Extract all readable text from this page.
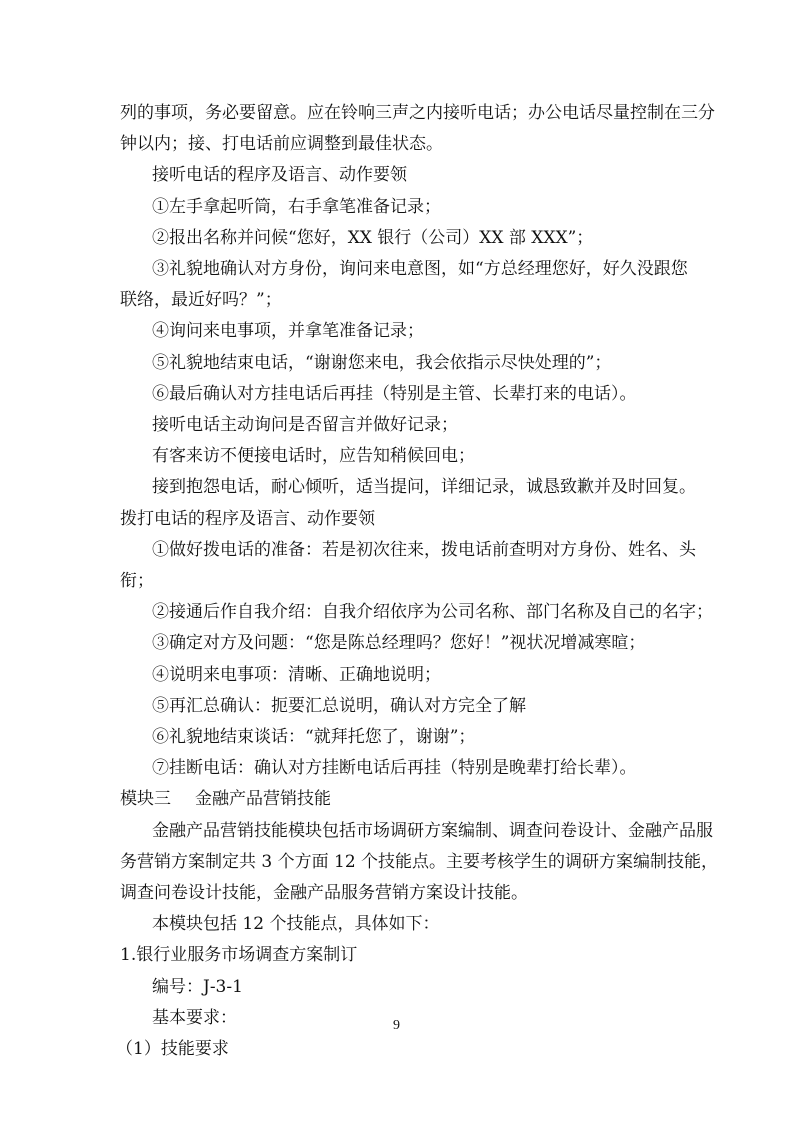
列的事项，务必要留意。应在铃响三声之内接听电话；办公电话尽量控制在三分
钟以内；接、打电话前应调整到最佳状态。
接听电话的程序及语言、动作要领
①左手拿起听筒，右手拿笔准备记录；
②报出名称并问候“您好，XX 银行（公司）XX 部 XXX”；
③礼貌地确认对方身份，询问来电意图，如“方总经理您好，好久没跟您
联络，最近好吗？”；
④询问来电事项，并拿笔准备记录；
⑤礼貌地结束电话，“谢谢您来电，我会依指示尽快处理的”；
⑥最后确认对方挂电话后再挂（特别是主管、长辈打来的电话）。
接听电话主动询问是否留言并做好记录；
有客来访不便接电话时，应告知稍候回电；
接到抱怨电话，耐心倾听，适当提问，详细记录，诚恳致歉并及时回复。
拨打电话的程序及语言、动作要领
①做好拨电话的准备：若是初次往来，拨电话前查明对方身份、姓名、头
衔；
②接通后作自我介绍：自我介绍依序为公司名称、部门名称及自己的名字；
③确定对方及问题：“您是陈总经理吗？您好！”视状况增减寒暄；
④说明来电事项：清晰、正确地说明；
⑤再汇总确认：扼要汇总说明，确认对方完全了解
⑥礼貌地结束谈话：“就拜托您了，谢谢”；
⑦挂断电话：确认对方挂断电话后再挂（特别是晚辈打给长辈）。
模块三 金融产品营销技能
金融产品营销技能模块包括市场调研方案编制、调查问卷设计、金融产品服
务营销方案制定共 3 个方面 12 个技能点。主要考核学生的调研方案编制技能，
调查问卷设计技能，金融产品服务营销方案设计技能。
9
本模块包括 12 个技能点，具体如下：
1.银行业服务市场调查方案制订
编号：J-3-1
基本要求：
（1）技能要求
